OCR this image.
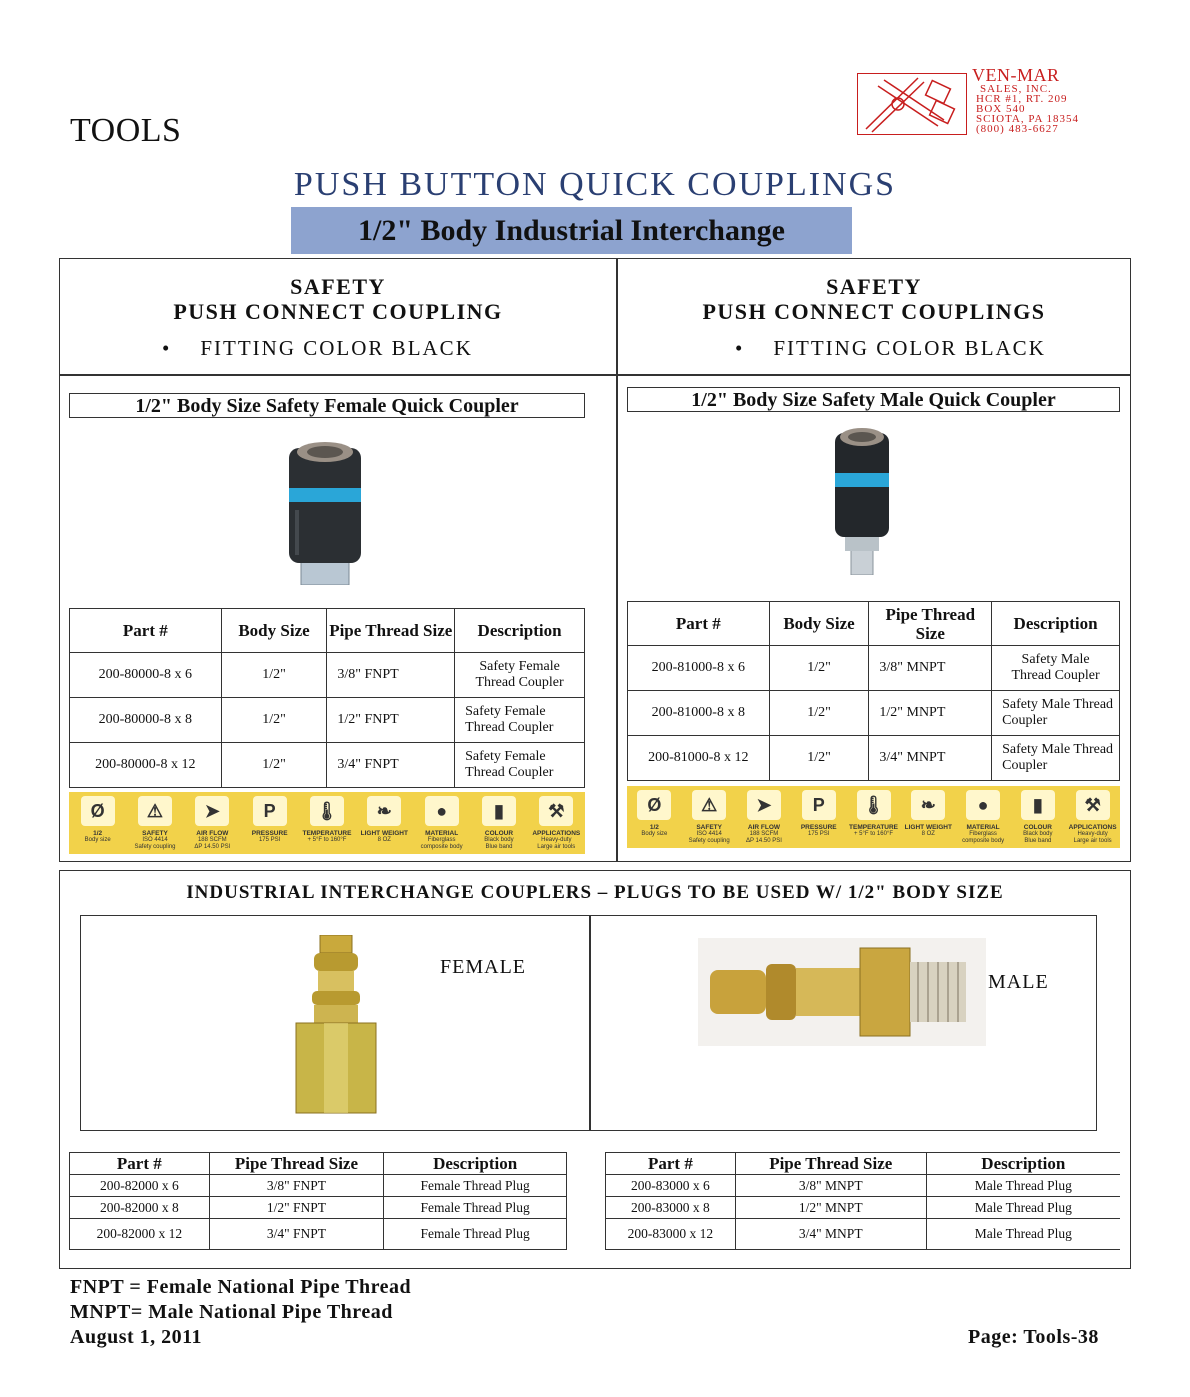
VEN-MAR
SALES, INC.
HCR #1, RT. 209
BOX 540
SCIOTA, PA 18354
(800) 483-6627
TOOLS
PUSH BUTTON QUICK COUPLINGS
1/2" Body Industrial Interchange
SAFETY
PUSH CONNECT COUPLING
•    FITTING COLOR BLACK
SAFETY
PUSH CONNECT COUPLINGS
•    FITTING COLOR BLACK
1/2" Body Size Safety Female Quick Coupler	1/2" Body Size Safety Male Quick Coupler
Part #	Body Size	Pipe Thread Size	Description
200-80000-8 x 6	1/2"	3/8" FNPT	Safety Female Thread Coupler
200-80000-8 x 8	1/2"	1/2" FNPT	Safety Female Thread Coupler
200-80000-8 x 12	1/2"	3/4" FNPT	Safety Female Thread Coupler
Part #	Body Size	Pipe Thread Size	Description
200-81000-8 x 6	1/2"	3/8" MNPT	Safety Male Thread Coupler
200-81000-8 x 8	1/2"	1/2" MNPT	Safety Male Thread Coupler
200-81000-8 x 12	1/2"	3/4" MNPT	Safety Male Thread Coupler
Ø
1/2
Body size
⚠
SAFETY
ISO 4414
Safety coupling
➤
AIR FLOW
188 SCFM
ΔP 14.50 PSI
P
PRESSURE
175 PSI
🌡
TEMPERATURE
+ 5°F to 160°F
❧
LIGHT WEIGHT
8 OZ
●
MATERIAL
Fiberglass
composite body
▮
COLOUR
Black body
Blue band
⚒
APPLICATIONS
Heavy-duty
Large air tools
Ø
1/2
Body size
⚠
SAFETY
ISO 4414
Safety coupling
➤
AIR FLOW
188 SCFM
ΔP 14.50 PSI
P
PRESSURE
175 PSI
🌡
TEMPERATURE
+ 5°F to 160°F
❧
LIGHT WEIGHT
8 OZ
●
MATERIAL
Fiberglass
composite body
▮
COLOUR
Black body
Blue band
⚒
APPLICATIONS
Heavy-duty
Large air tools
INDUSTRIAL INTERCHANGE COUPLERS – PLUGS TO BE USED W/ 1/2" BODY SIZE
FEMALE
MALE
Part #	Pipe Thread Size	Description
200-82000 x 6	3/8" FNPT	Female Thread Plug
200-82000 x 8	1/2" FNPT	Female Thread Plug
200-82000 x 12	3/4" FNPT	Female Thread Plug
Part #	Pipe Thread Size	Description
200-83000 x 6	3/8" MNPT	Male Thread Plug
200-83000 x 8	1/2" MNPT	Male Thread Plug
200-83000 x 12	3/4" MNPT	Male Thread Plug
FNPT = Female National Pipe Thread
MNPT= Male National Pipe Thread
August 1, 2011	Page: Tools-38
